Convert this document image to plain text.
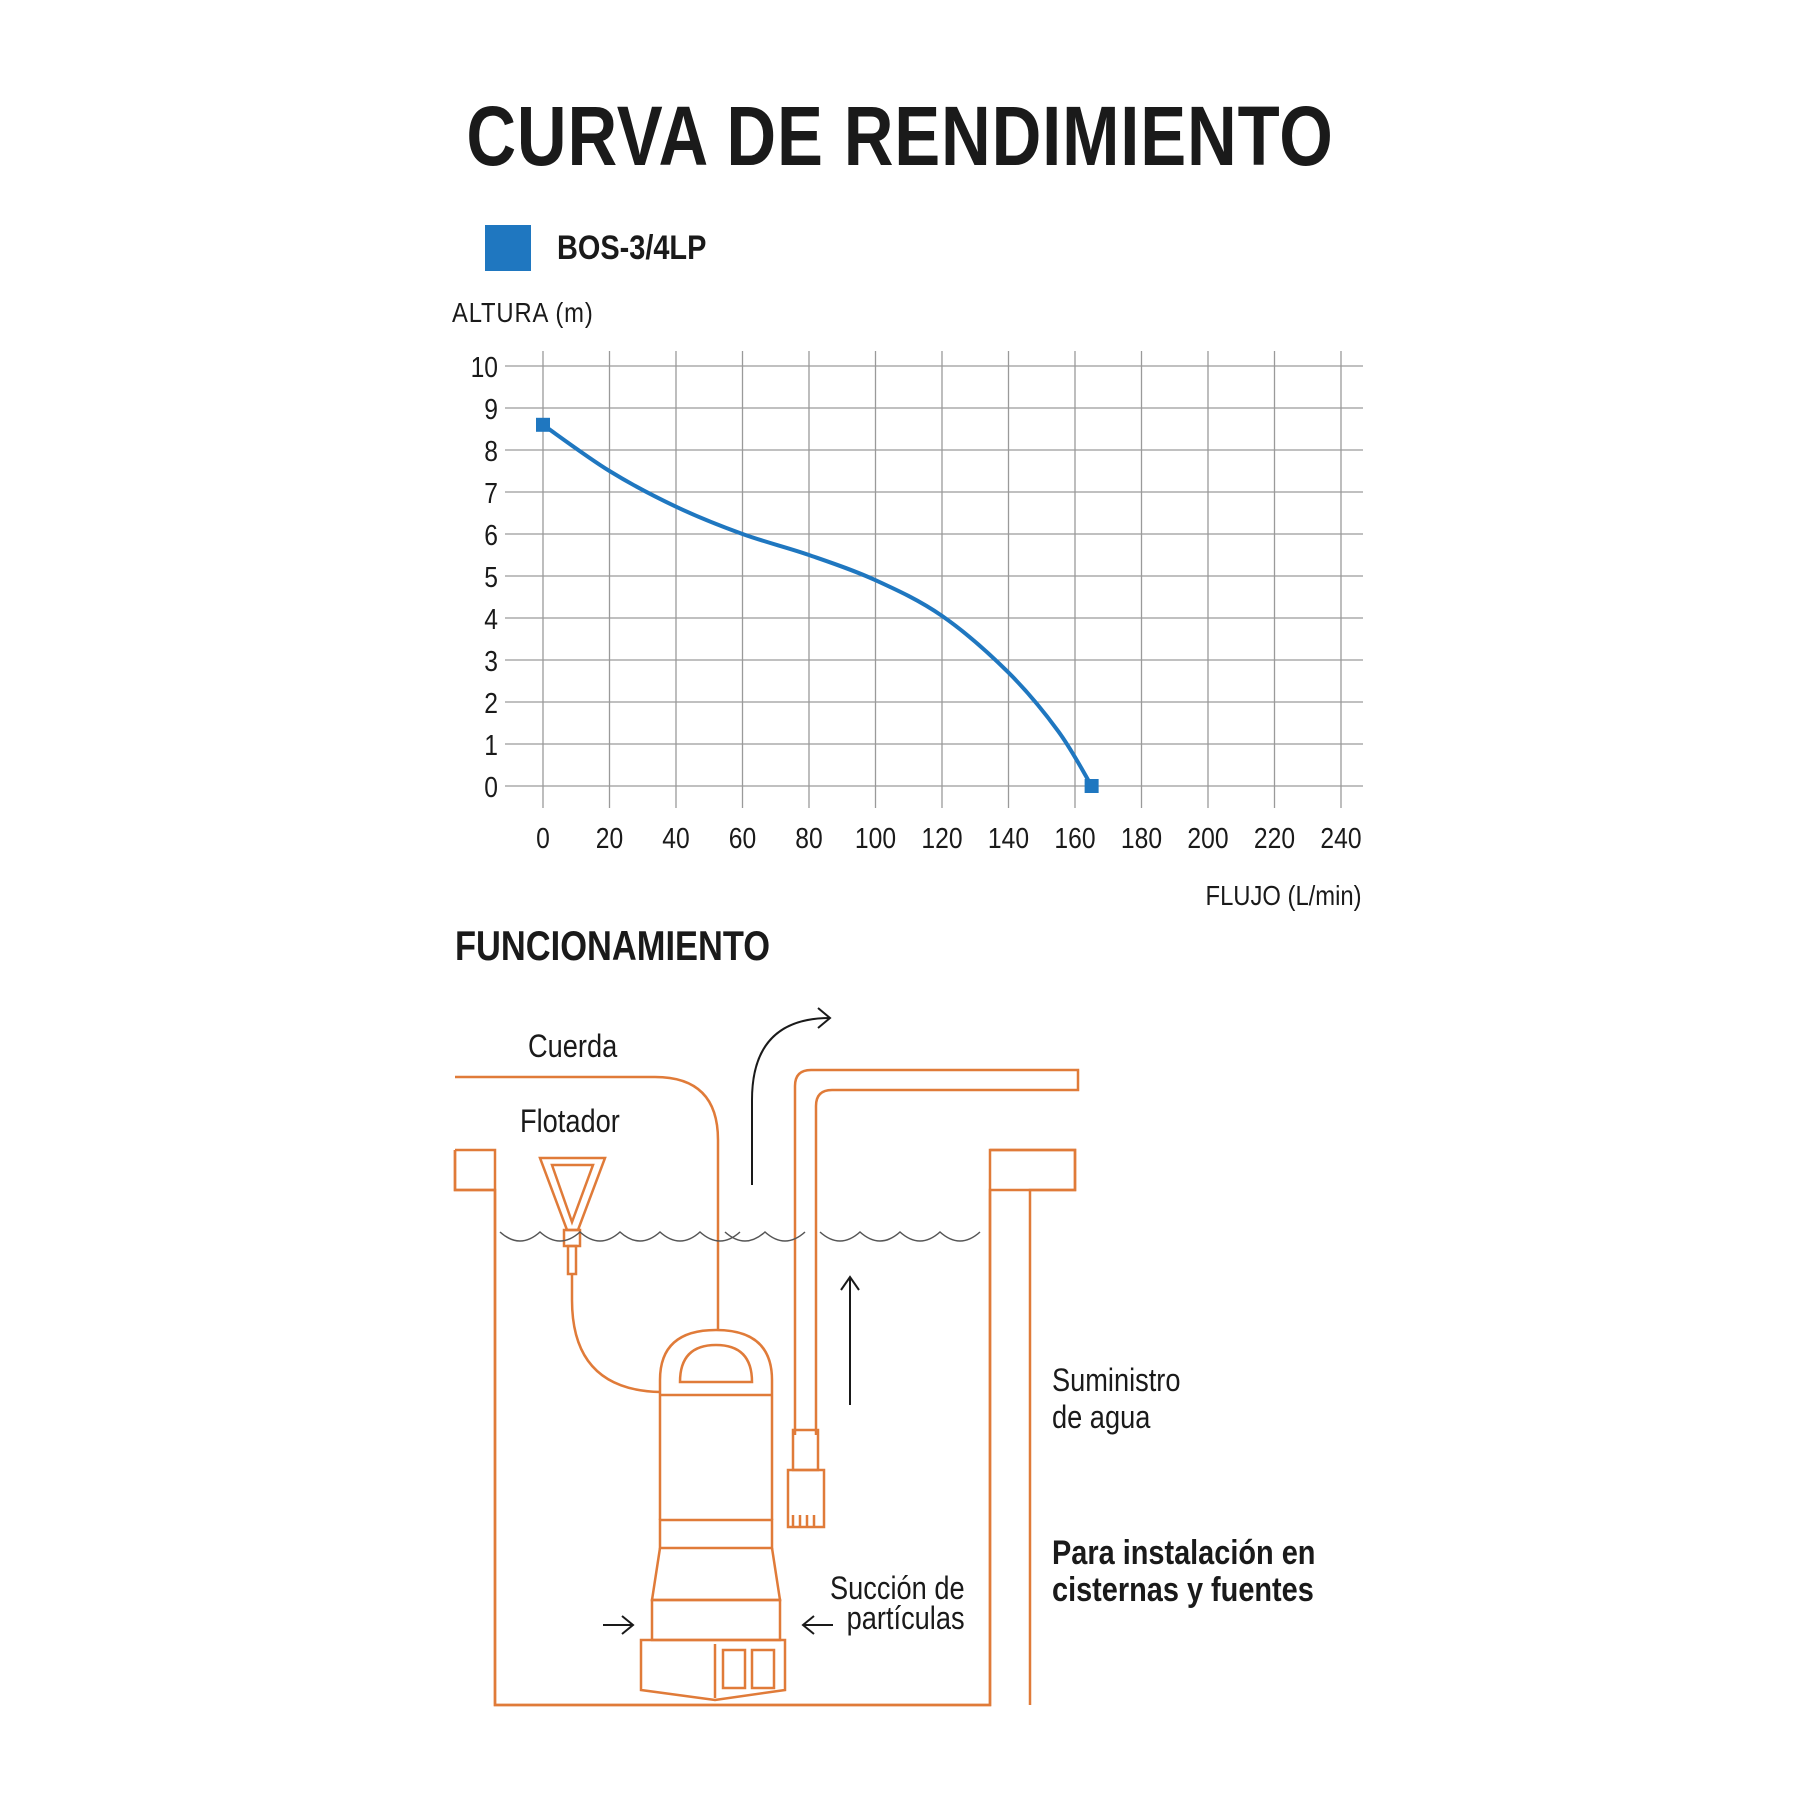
CURVA DE RENDIMIENTO
BOS-3/4LP
ALTURA (m)
FLUJO (L/min)
0
1
2
3
4
5
6
7
8
9
10
0 20 40 60 80 100 120 140 160 180 200 220 240
FUNCIONAMIENTO
Cuerda
Flotador
Suministro
de agua
Succión de
partículas
Para instalación en
cisternas y fuentes
